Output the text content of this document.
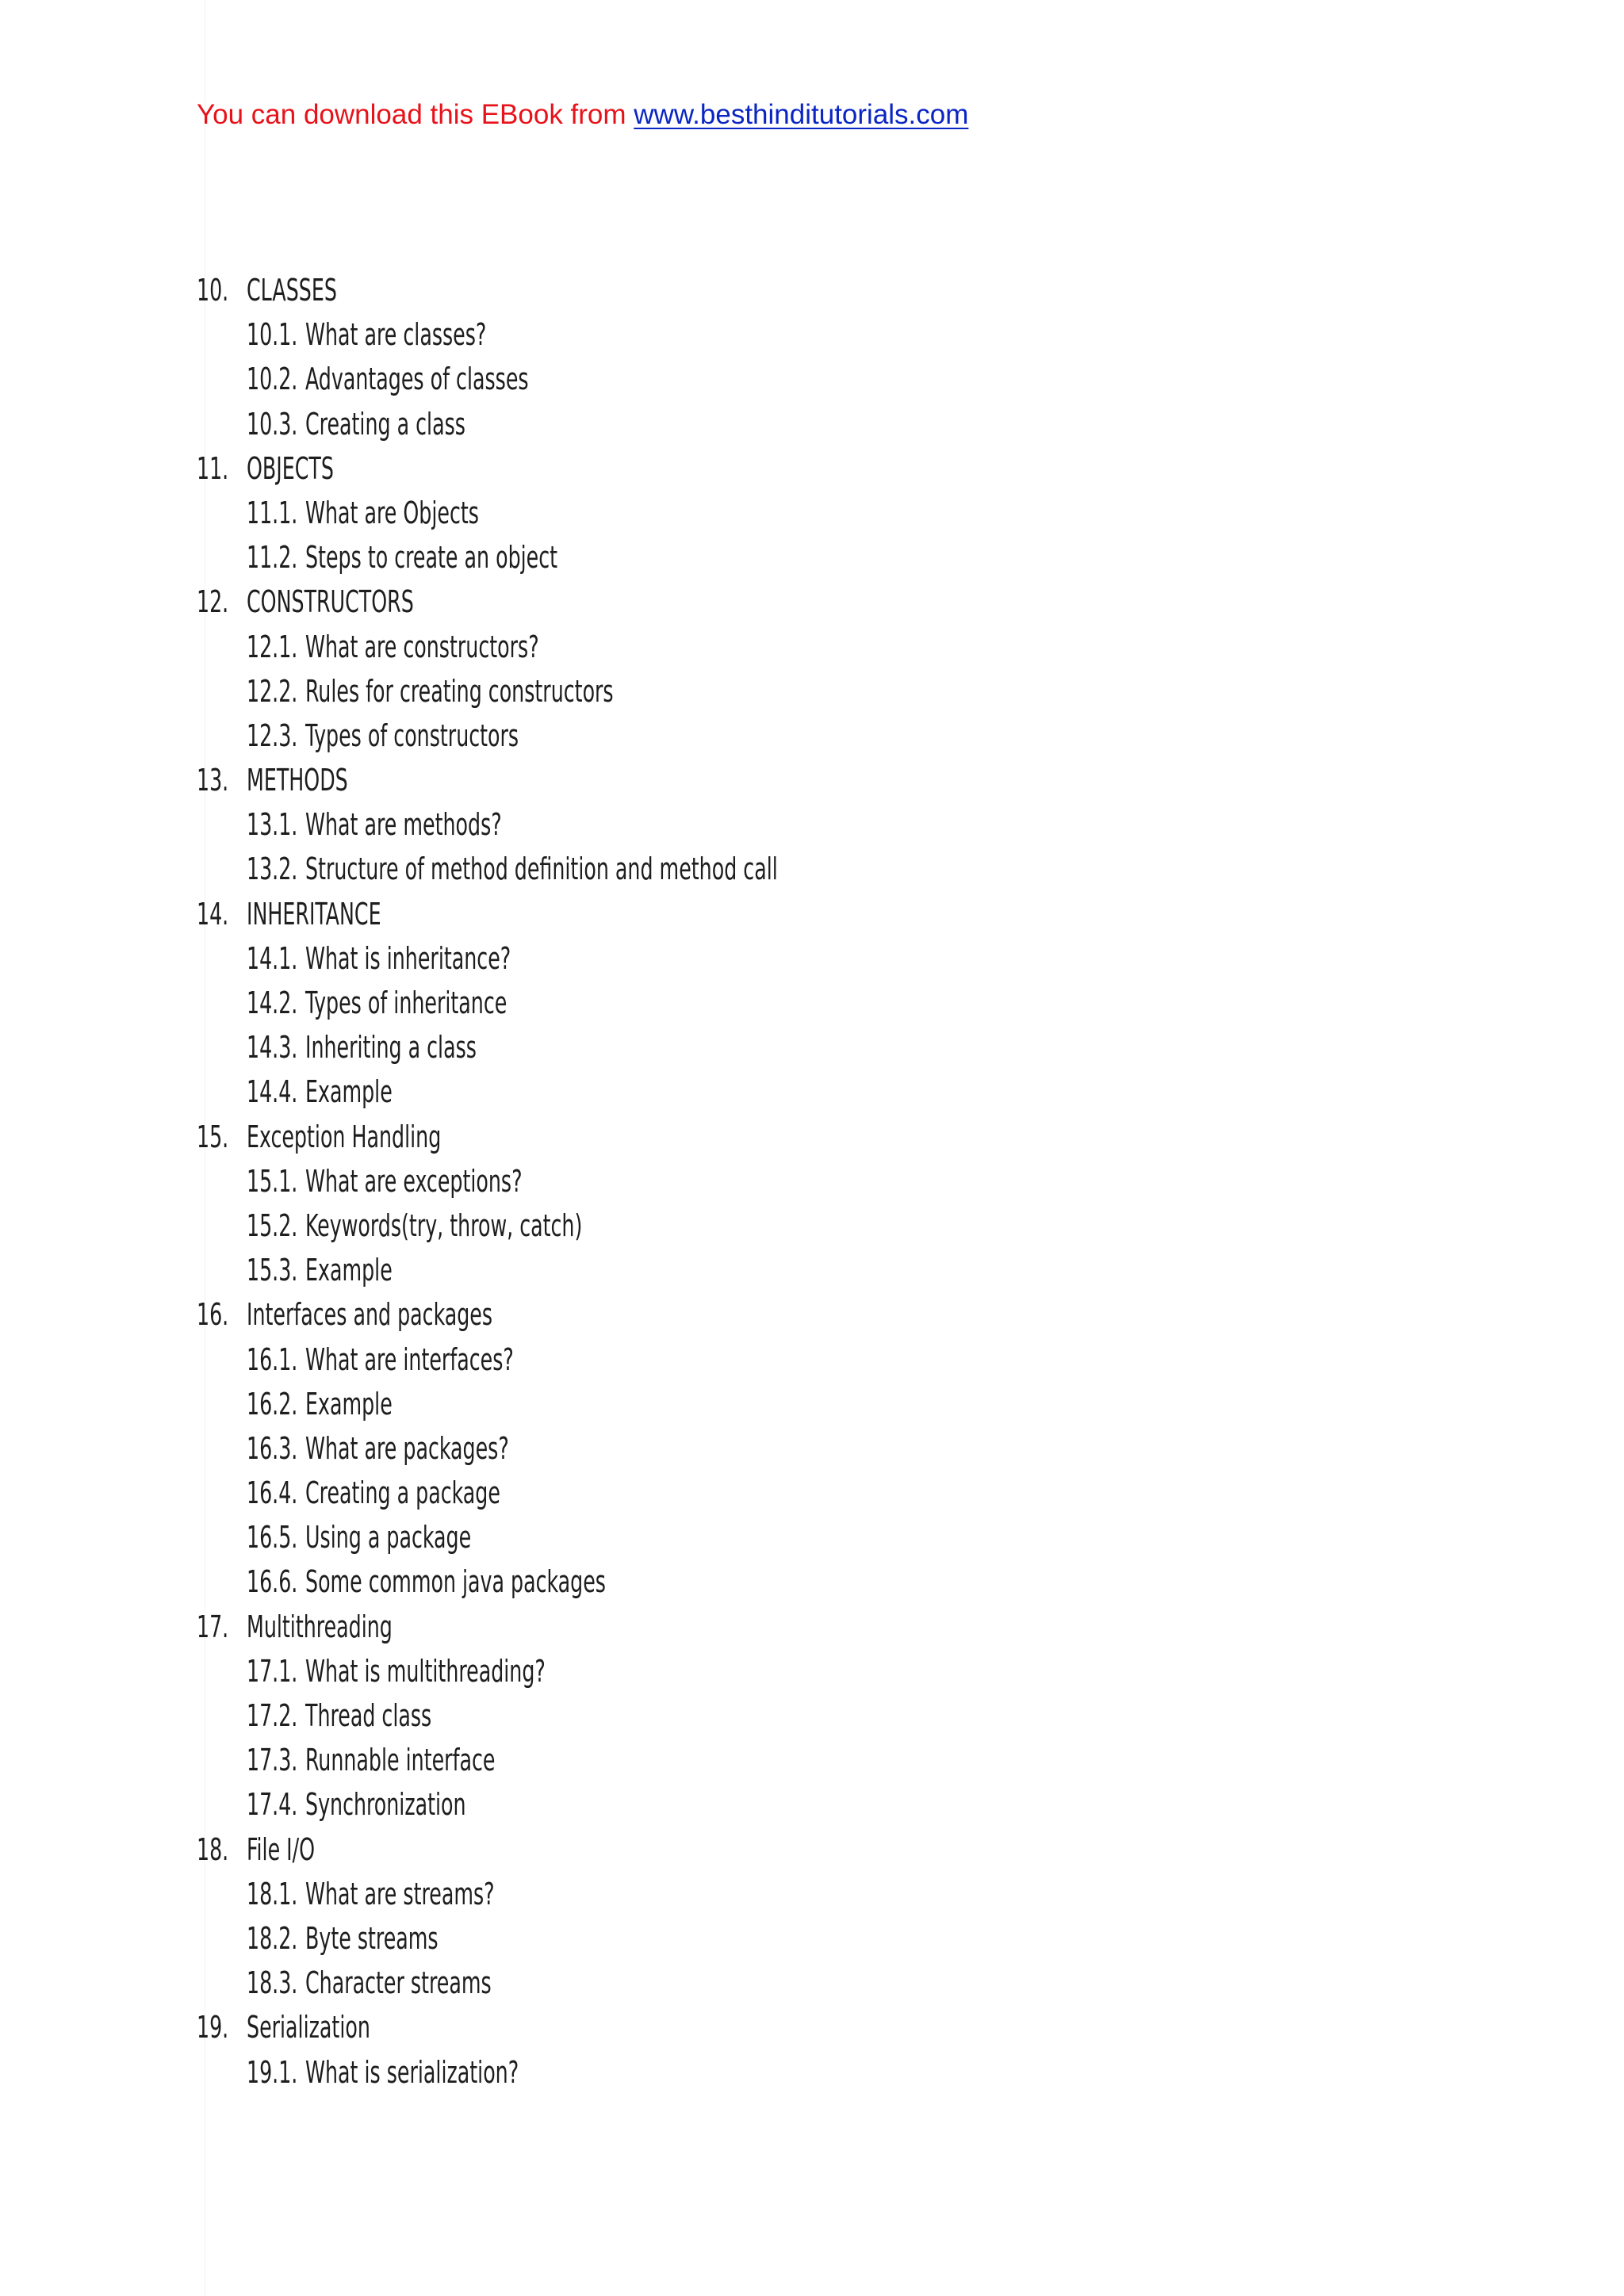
You can download this EBook from www.besthinditutorials.com
10. CLASSES
10.1. What are classes?
10.2. Advantages of classes
10.3. Creating a class
11. OBJECTS
11.1. What are Objects
11.2. Steps to create an object
12. CONSTRUCTORS
12.1. What are constructors?
12.2. Rules for creating constructors
12.3. Types of constructors
13. METHODS
13.1. What are methods?
13.2. Structure of method definition and method call
14. INHERITANCE
14.1. What is inheritance?
14.2. Types of inheritance
14.3. Inheriting a class
14.4. Example
15. Exception Handling
15.1. What are exceptions?
15.2. Keywords(try, throw, catch)
15.3. Example
16. Interfaces and packages
16.1. What are interfaces?
16.2. Example
16.3. What are packages?
16.4. Creating a package
16.5. Using a package
16.6. Some common java packages
17. Multithreading
17.1. What is multithreading?
17.2. Thread class
17.3. Runnable interface
17.4. Synchronization
18. File I/O
18.1. What are streams?
18.2. Byte streams
18.3. Character streams
19. Serialization
19.1. What is serialization?
